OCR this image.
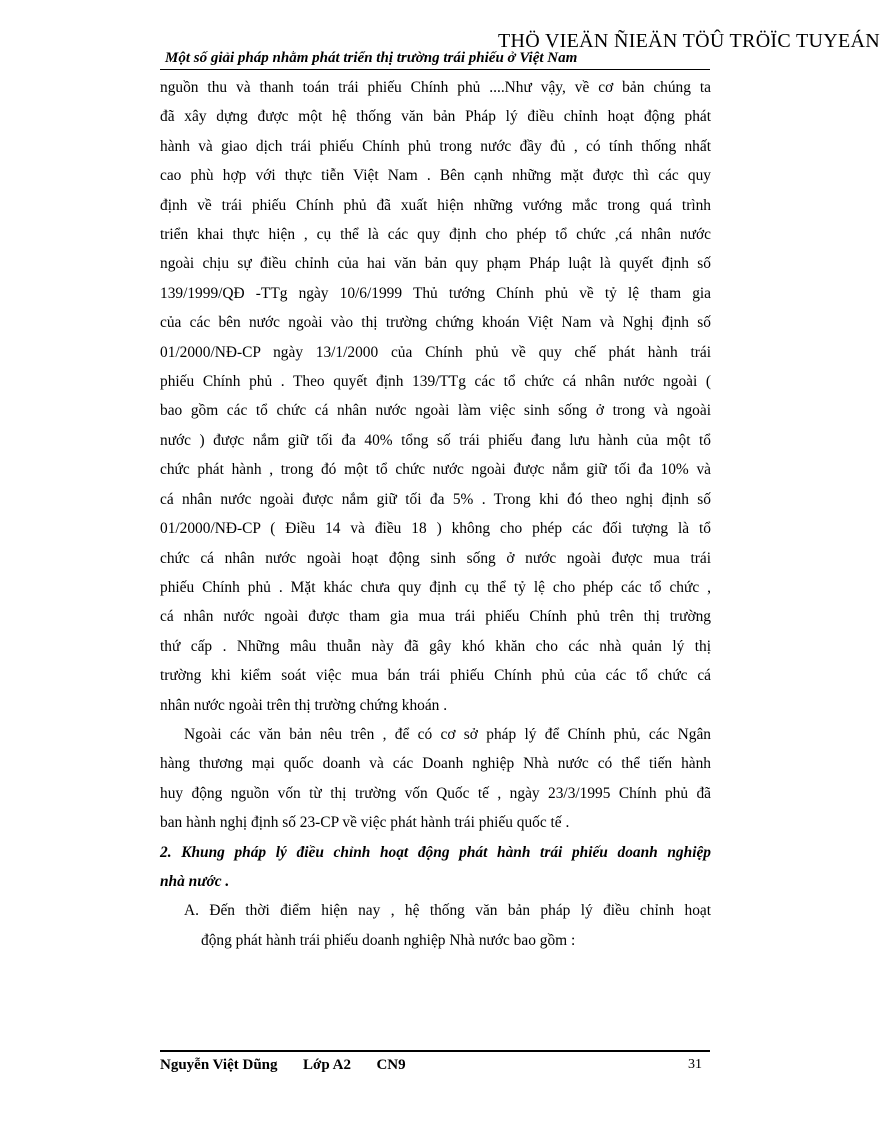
THÖ VIEÄN ÑIEÄN TÖÛ TRÖÏC TUYEÁN
Một số giải pháp nhằm phát triển thị trường trái phiếu ở Việt Nam

nguồn thu và thanh toán trái phiếu Chính phủ ....Như vậy, về cơ bản chúng ta
đã xây dựng được một hệ thống văn bản Pháp lý điều chỉnh hoạt động phát
hành và giao dịch trái phiếu Chính phủ trong nước đầy đủ , có tính thống nhất
cao phù hợp với thực tiễn Việt Nam . Bên cạnh những mặt được thì các quy
định về trái phiếu Chính phủ đã xuất hiện những vướng mắc trong quá trình
triển khai thực hiện , cụ thể là các quy định cho phép tổ chức ,cá nhân nước
ngoài chịu sự điều chỉnh của hai văn bản quy phạm Pháp luật là quyết định số
139/1999/QĐ -TTg ngày 10/6/1999 Thủ tướng Chính phủ về tỷ lệ tham gia
của các bên nước ngoài vào thị trường chứng khoán Việt Nam và Nghị định số
01/2000/NĐ-CP ngày 13/1/2000 của Chính phủ về quy chế phát hành trái
phiếu Chính phủ . Theo quyết định 139/TTg các tổ chức cá nhân nước ngoài (
bao gồm các tổ chức cá nhân nước ngoài làm việc sinh sống ở trong và ngoài
nước ) được nắm giữ tối đa 40% tổng số trái phiếu đang lưu hành của một tổ
chức phát hành , trong đó một tổ chức nước ngoài được nắm giữ tối đa 10% và
cá nhân nước ngoài được nắm giữ tối đa 5% . Trong khi đó theo nghị định số
01/2000/NĐ-CP ( Điều 14 và điều 18 ) không cho phép các đối tượng là tổ
chức cá nhân nước ngoài hoạt động sinh sống ở nước ngoài được mua trái
phiếu Chính phủ . Mặt khác chưa quy định cụ thể tỷ lệ cho phép các tổ chức ,
cá nhân nước ngoài được tham gia mua trái phiếu Chính phủ trên thị trường
thứ cấp . Những mâu thuẫn này đã gây khó khăn cho các nhà quản lý thị
trường khi kiểm soát việc mua bán trái phiếu Chính phủ của các tổ chức cá
nhân nước ngoài trên thị trường chứng khoán .

Ngoài các văn bản nêu trên , để có cơ sở pháp lý để Chính phủ, các Ngân
hàng thương mại quốc doanh và các Doanh nghiệp Nhà nước có thể tiến hành
huy động nguồn vốn từ thị trường vốn Quốc tế , ngày 23/3/1995 Chính phủ đã
ban hành nghị định số 23-CP về việc phát hành trái phiếu quốc tế .

2. Khung pháp lý điều chỉnh hoạt động phát hành trái phiếu doanh nghiệp
nhà nước .

A. Đến thời điểm hiện nay , hệ thống văn bản pháp lý điều chỉnh hoạt
động phát hành trái phiếu doanh nghiệp Nhà nước bao gồm :

Nguyễn Việt Dũng Lớp A2 CN9	31
